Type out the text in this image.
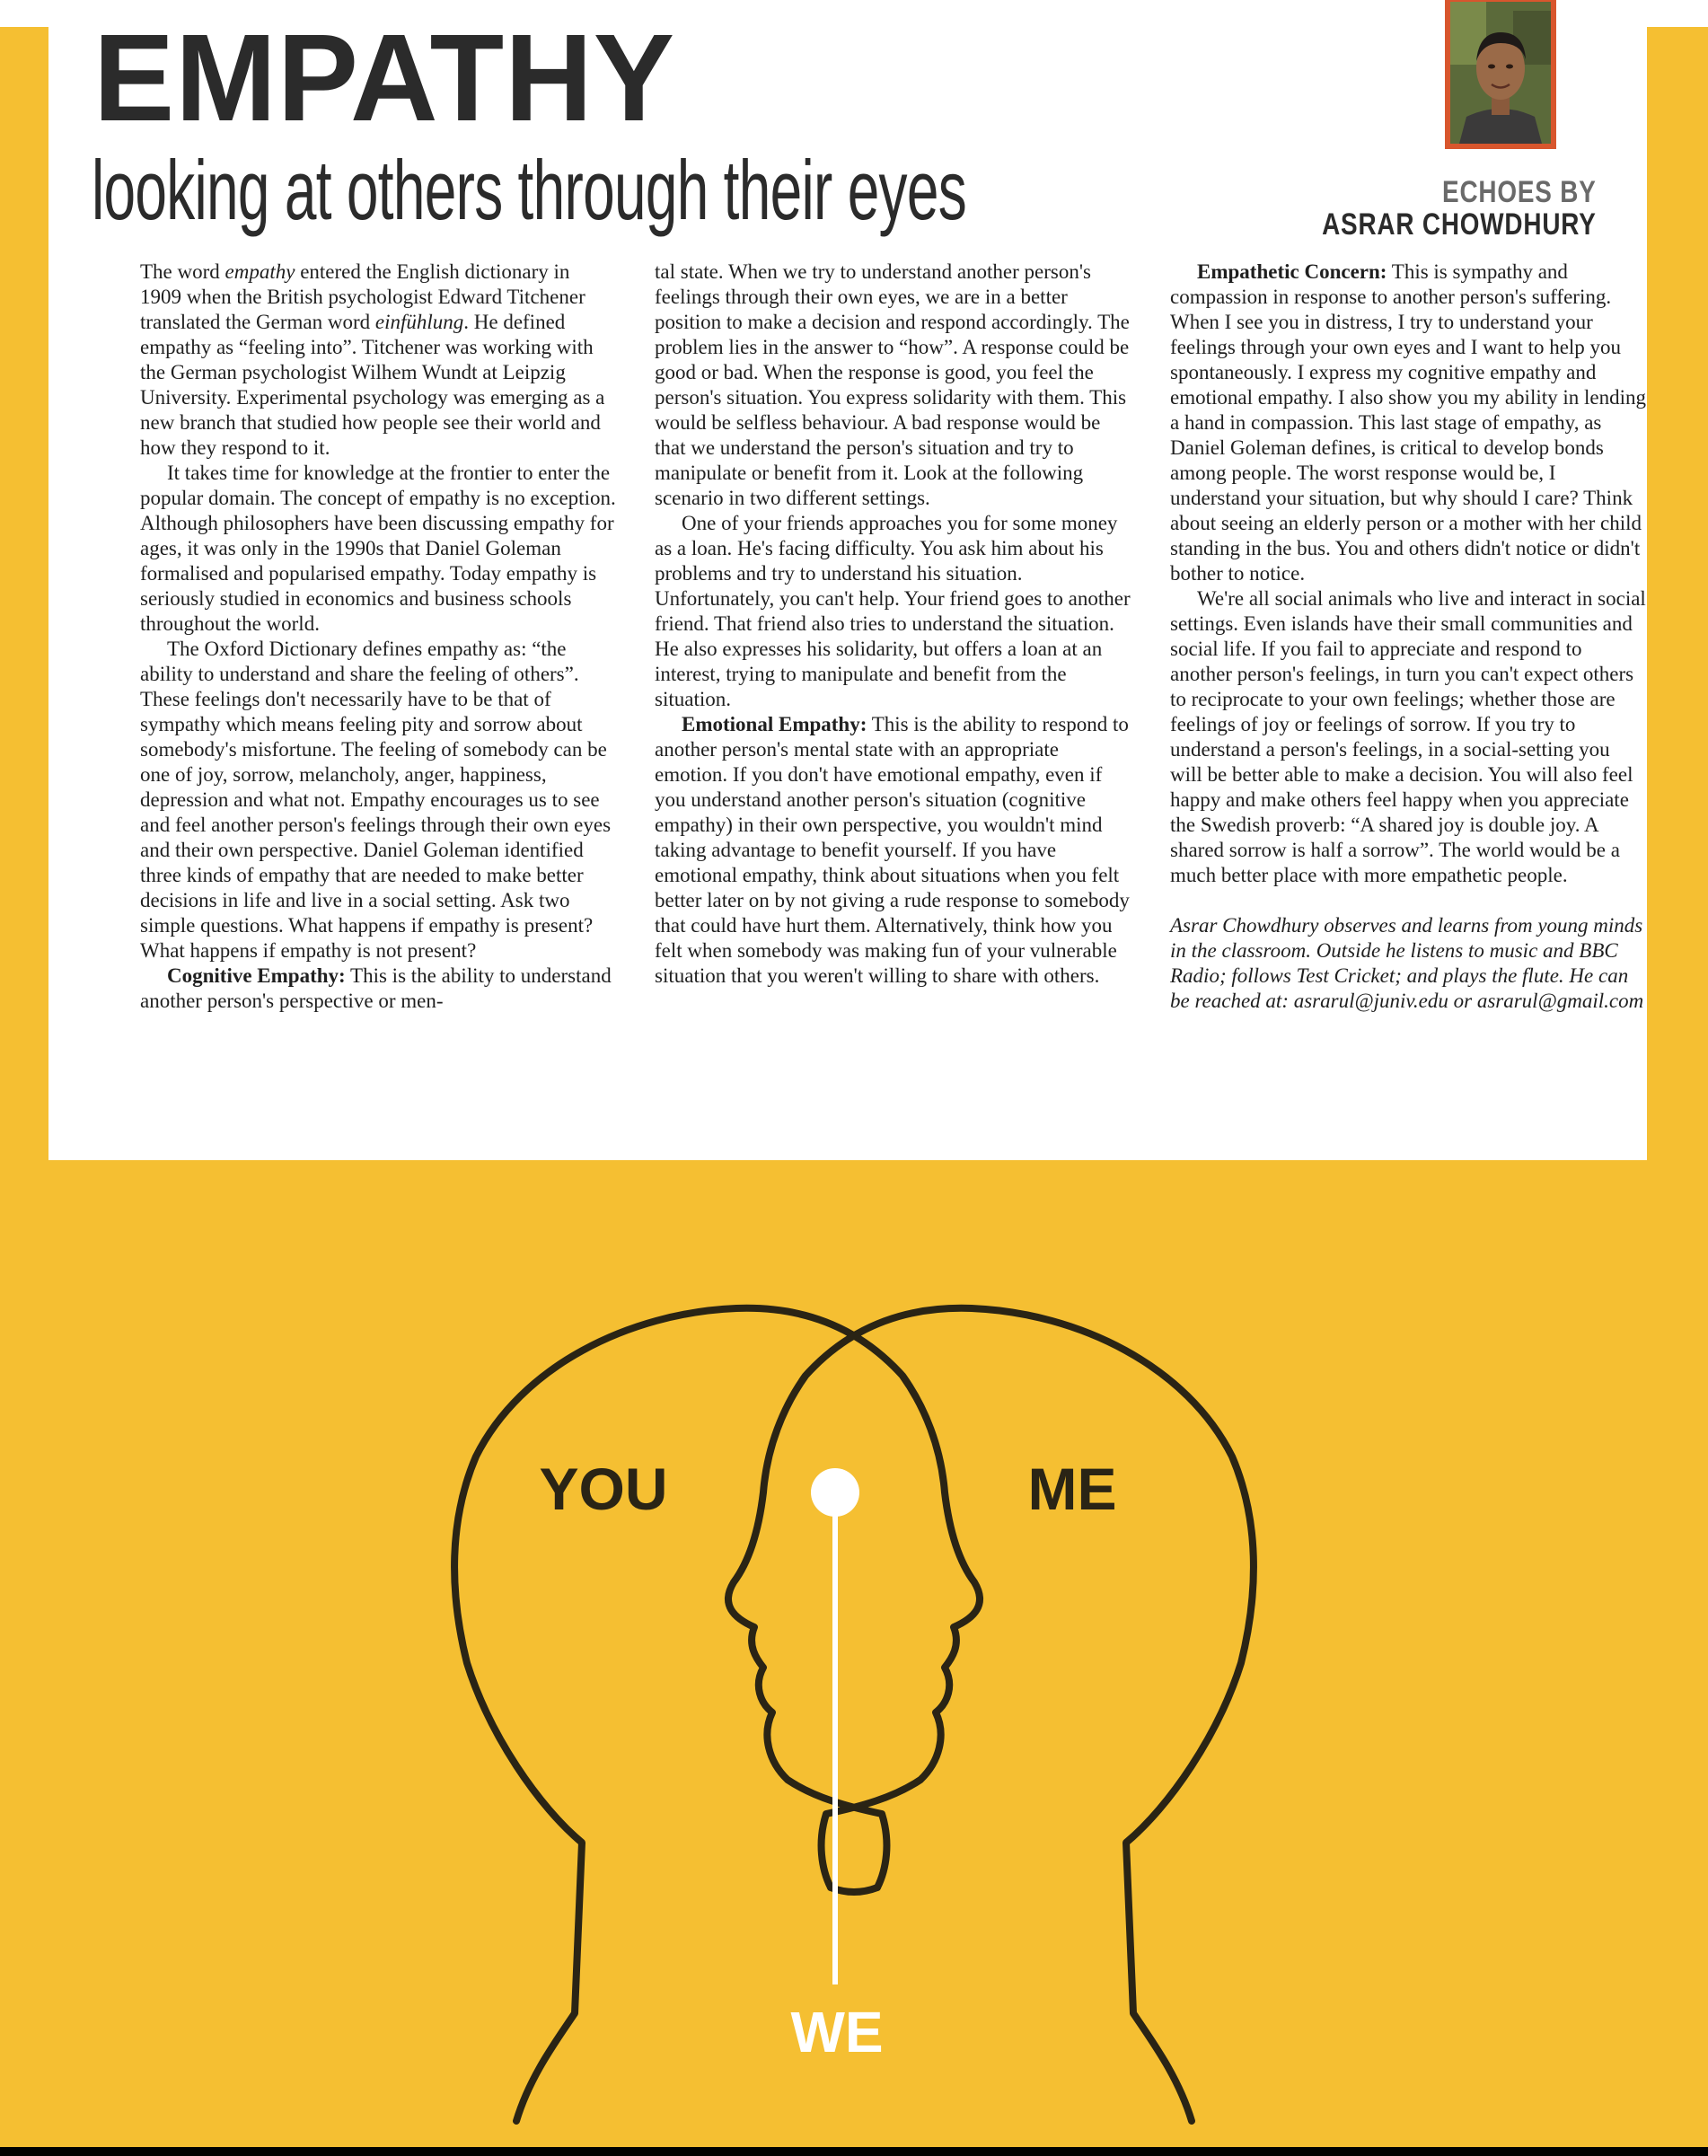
EMPATHY
looking at others through their eyes	ECHOES BY
ASRAR CHOWDHURY

The word empathy entered the English dictionary in 1909 when the British psychologist Edward Titchener translated the German word einfühlung. He defined empathy as “feeling into”. Titchener was working with the German psychologist Wilhem Wundt at Leipzig University. Experimental psychology was emerging as a new branch that studied how people see their world and how they respond to it.

It takes time for knowledge at the frontier to enter the popular domain. The concept of empathy is no exception. Although philosophers have been discussing empathy for ages, it was only in the 1990s that Daniel Goleman formalised and popularised empathy. Today empathy is seriously studied in economics and business schools throughout the world.

The Oxford Dictionary defines empathy as: “the ability to understand and share the feeling of others”. These feelings don't necessarily have to be that of sympathy which means feeling pity and sorrow about somebody's misfortune. The feeling of somebody can be one of joy, sorrow, melancholy, anger, happiness, depression and what not. Empathy encourages us to see and feel another person's feelings through their own eyes and their own perspective. Daniel Goleman identified three kinds of empathy that are needed to make better decisions in life and live in a social setting. Ask two simple questions. What happens if empathy is present? What happens if empathy is not present?

Cognitive Empathy: This is the ability to understand another person's perspective or men-

tal state. When we try to understand another person's feelings through their own eyes, we are in a better position to make a decision and respond accordingly. The problem lies in the answer to “how”. A response could be good or bad. When the response is good, you feel the person's situation. You express solidarity with them. This would be selfless behaviour. A bad response would be that we understand the person's situation and try to manipulate or benefit from it. Look at the following scenario in two different settings.

One of your friends approaches you for some money as a loan. He's facing difficulty. You ask him about his problems and try to understand his situation. Unfortunately, you can't help. Your friend goes to another friend. That friend also tries to understand the situation. He also expresses his solidarity, but offers a loan at an interest, trying to manipulate and benefit from the situation.

Emotional Empathy: This is the ability to respond to another person's mental state with an appropriate emotion. If you don't have emotional empathy, even if you understand another person's situation (cognitive empathy) in their own perspective, you wouldn't mind taking advantage to benefit yourself. If you have emotional empathy, think about situations when you felt better later on by not giving a rude response to somebody that could have hurt them. Alternatively, think how you felt when somebody was making fun of your vulnerable situation that you weren't willing to share with others.

Empathetic Concern: This is sympathy and compassion in response to another person's suffering. When I see you in distress, I try to understand your feelings through your own eyes and I want to help you spontaneously. I express my cognitive empathy and emotional empathy. I also show you my ability in lending a hand in compassion. This last stage of empathy, as Daniel Goleman defines, is critical to develop bonds among people. The worst response would be, I understand your situation, but why should I care? Think about seeing an elderly person or a mother with her child standing in the bus. You and others didn't notice or didn't bother to notice.

We're all social animals who live and interact in social settings. Even islands have their small communities and social life. If you fail to appreciate and respond to another person's feelings, in turn you can't expect others to reciprocate to your own feelings; whether those are feelings of joy or feelings of sorrow. If you try to understand a person's feelings, in a social-setting you will be better able to make a decision. You will also feel happy and make others feel happy when you appreciate the Swedish proverb: “A shared joy is double joy. A shared sorrow is half a sorrow”. The world would be a much better place with more empathetic people.

Asrar Chowdhury observes and learns from young minds in the classroom. Outside he listens to music and BBC Radio; follows Test Cricket; and plays the flute. He can be reached at: asrarul@juniv.edu or asrarul@gmail.com

YOU	ME
WE
